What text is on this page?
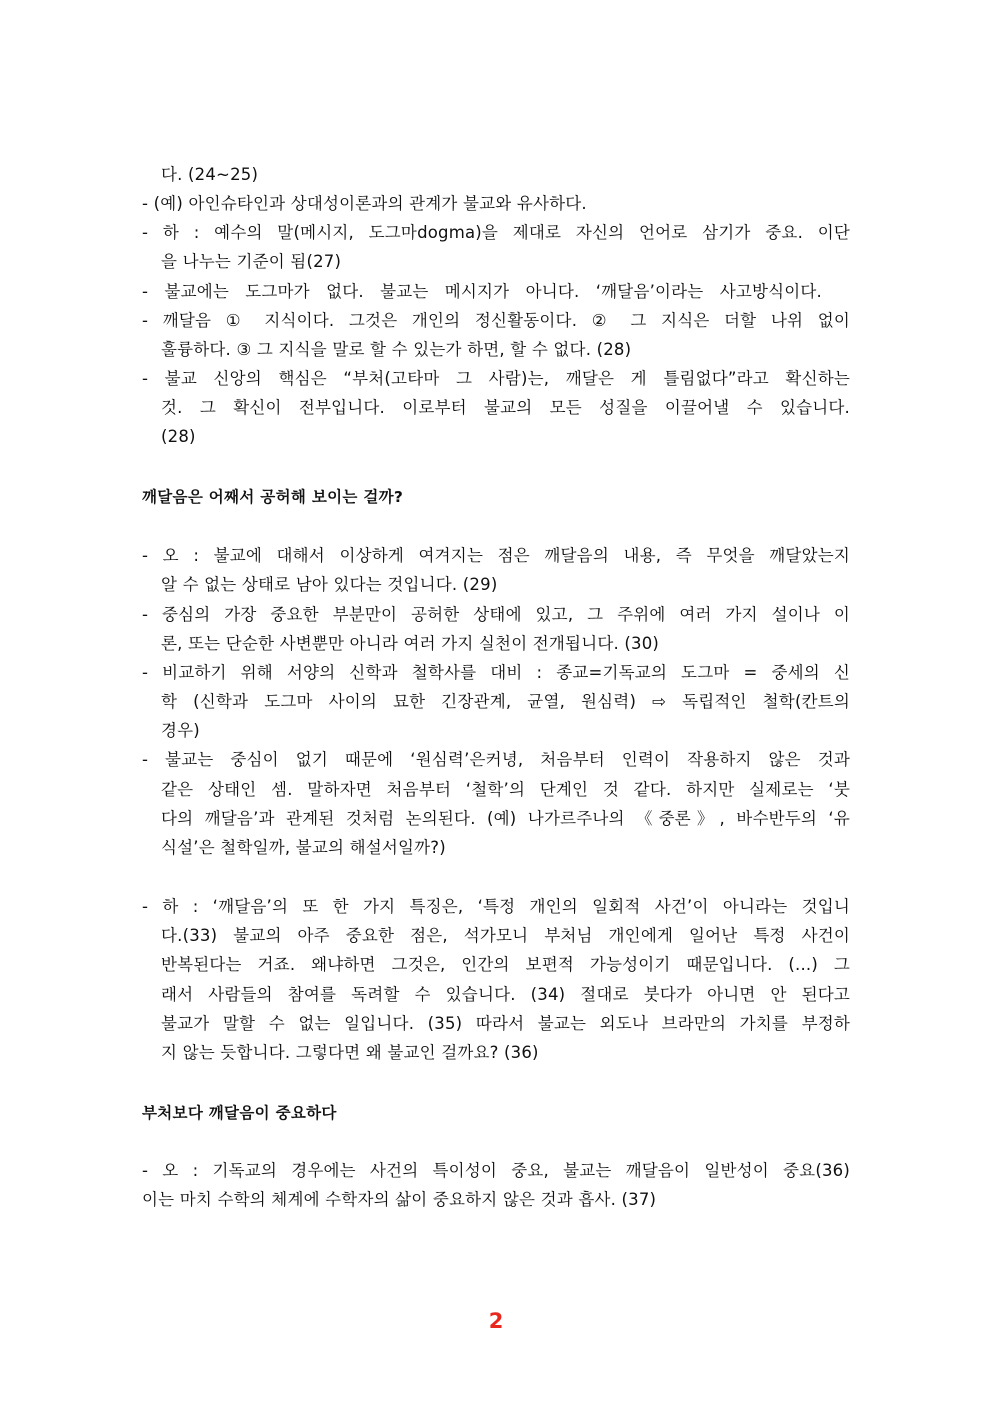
다. (24~25)

- (예) 아인슈타인과 상대성이론과의 관계가 불교와 유사하다.

- 하 : 예수의 말(메시지, 도그마dogma)을 제대로 자신의 언어로 삼기가 중요. 이단

을 나누는 기준이 됨(27)

- 불교에는 도그마가 없다. 불교는 메시지가 아니다. ‘깨달음’이라는 사고방식이다.

- 깨달음 ① 지식이다. 그것은 개인의 정신활동이다. ② 그 지식은 더할 나위 없이

훌륭하다. ③ 그 지식을 말로 할 수 있는가 하면, 할 수 없다. (28)

- 불교 신앙의 핵심은 “부처(고타마 그 사람)는, 깨달은 게 틀림없다”라고 확신하는

것. 그 확신이 전부입니다. 이로부터 불교의 모든 성질을 이끌어낼 수 있습니다.

(28)

깨달음은 어째서 공허해 보이는 걸까?

- 오 : 불교에 대해서 이상하게 여겨지는 점은 깨달음의 내용, 즉 무엇을 깨달았는지

알 수 없는 상태로 남아 있다는 것입니다. (29)

- 중심의 가장 중요한 부분만이 공허한 상태에 있고, 그 주위에 여러 가지 설이나 이

론, 또는 단순한 사변뿐만 아니라 여러 가지 실천이 전개됩니다. (30)

- 비교하기 위해 서양의 신학과 철학사를 대비 : 종교=기독교의 도그마 = 중세의 신

학 (신학과 도그마 사이의 묘한 긴장관계, 균열, 원심력) ⇨ 독립적인 철학(칸트의

경우)

- 불교는 중심이 없기 때문에 ‘원심력’은커녕, 처음부터 인력이 작용하지 않은 것과

같은 상태인 셈. 말하자면 처음부터 ‘철학’의 단계인 것 같다. 하지만 실제로는 ‘붓

다의 깨달음’과 관계된 것처럼 논의된다. (예) 나가르주나의 《중론》, 바수반두의 ‘유

식설’은 철학일까, 불교의 해설서일까?)

- 하 : ‘깨달음’의 또 한 가지 특징은, ‘특정 개인의 일회적 사건’이 아니라는 것입니

다.(33) 불교의 아주 중요한 점은, 석가모니 부처님 개인에게 일어난 특정 사건이

반복된다는 거죠. 왜냐하면 그것은, 인간의 보편적 가능성이기 때문입니다. (...) 그

래서 사람들의 참여를 독려할 수 있습니다. (34) 절대로 붓다가 아니면 안 된다고

불교가 말할 수 없는 일입니다. (35) 따라서 불교는 외도나 브라만의 가치를 부정하

지 않는 듯합니다. 그렇다면 왜 불교인 걸까요? (36)

부처보다 깨달음이 중요하다

- 오 : 기독교의 경우에는 사건의 특이성이 중요, 불교는 깨달음이 일반성이 중요(36)

이는 마치 수학의 체계에 수학자의 삶이 중요하지 않은 것과 흡사. (37)

2
